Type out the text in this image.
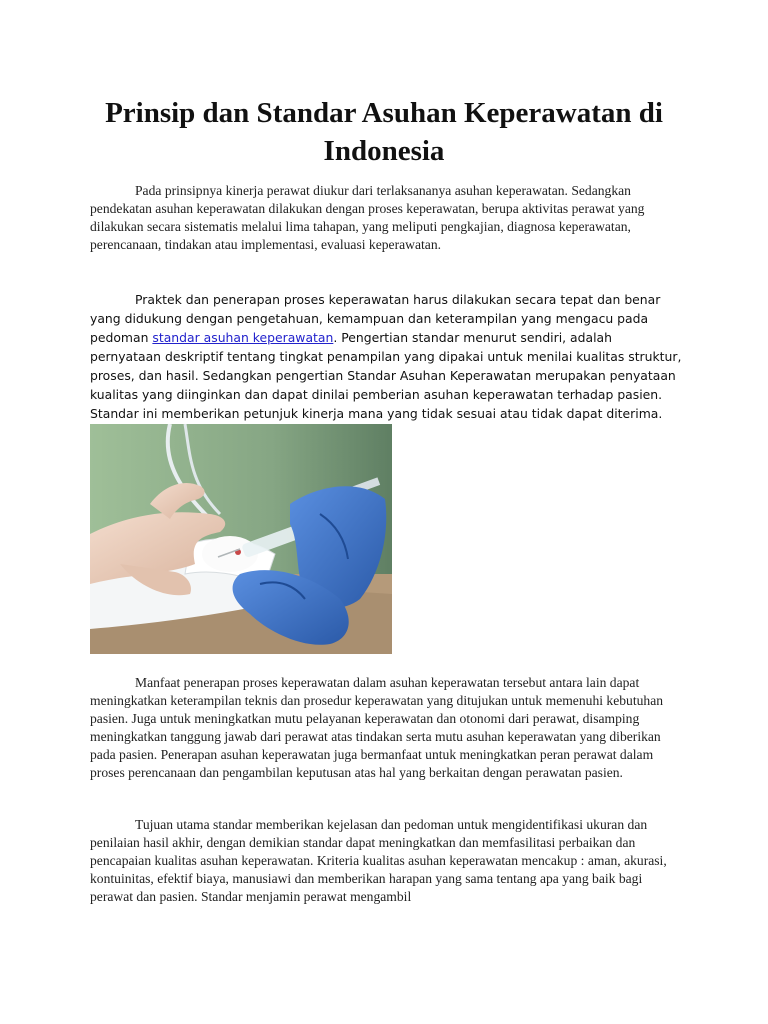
Prinsip dan Standar Asuhan Keperawatan di Indonesia

Pada prinsipnya kinerja perawat diukur dari terlaksananya asuhan keperawatan. Sedangkan pendekatan asuhan keperawatan dilakukan dengan proses keperawatan, berupa aktivitas perawat yang dilakukan secara sistematis melalui lima tahapan, yang meliputi pengkajian, diagnosa keperawatan, perencanaan, tindakan atau implementasi, evaluasi keperawatan.

Praktek dan penerapan proses keperawatan harus dilakukan secara tepat dan benar yang didukung dengan pengetahuan, kemampuan dan keterampilan yang mengacu pada pedoman standar asuhan keperawatan. Pengertian standar menurut sendiri, adalah pernyataan deskriptif tentang tingkat penampilan yang dipakai untuk menilai kualitas struktur, proses, dan hasil. Sedangkan pengertian Standar Asuhan Keperawatan merupakan penyataan kualitas yang diinginkan dan dapat dinilai pemberian asuhan keperawatan terhadap pasien. Standar ini memberikan petunjuk kinerja mana yang tidak sesuai atau tidak dapat diterima.

Manfaat penerapan proses keperawatan dalam asuhan keperawatan tersebut antara lain dapat meningkatkan keterampilan teknis dan prosedur keperawatan yang ditujukan untuk memenuhi kebutuhan pasien. Juga untuk meningkatkan mutu pelayanan keperawatan dan otonomi dari perawat, disamping meningkatkan tanggung jawab dari perawat atas tindakan serta mutu asuhan keperawatan yang diberikan pada pasien. Penerapan asuhan keperawatan juga bermanfaat untuk meningkatkan peran perawat dalam proses perencanaan dan pengambilan keputusan atas hal yang berkaitan dengan perawatan pasien.

Tujuan utama standar memberikan kejelasan dan pedoman untuk mengidentifikasi ukuran dan penilaian hasil akhir, dengan demikian standar dapat meningkatkan dan memfasilitasi perbaikan dan pencapaian kualitas asuhan keperawatan. Kriteria kualitas asuhan keperawatan mencakup : aman, akurasi, kontuinitas, efektif biaya, manusiawi dan memberikan harapan yang sama tentang apa yang baik bagi perawat dan pasien. Standar menjamin perawat mengambil
